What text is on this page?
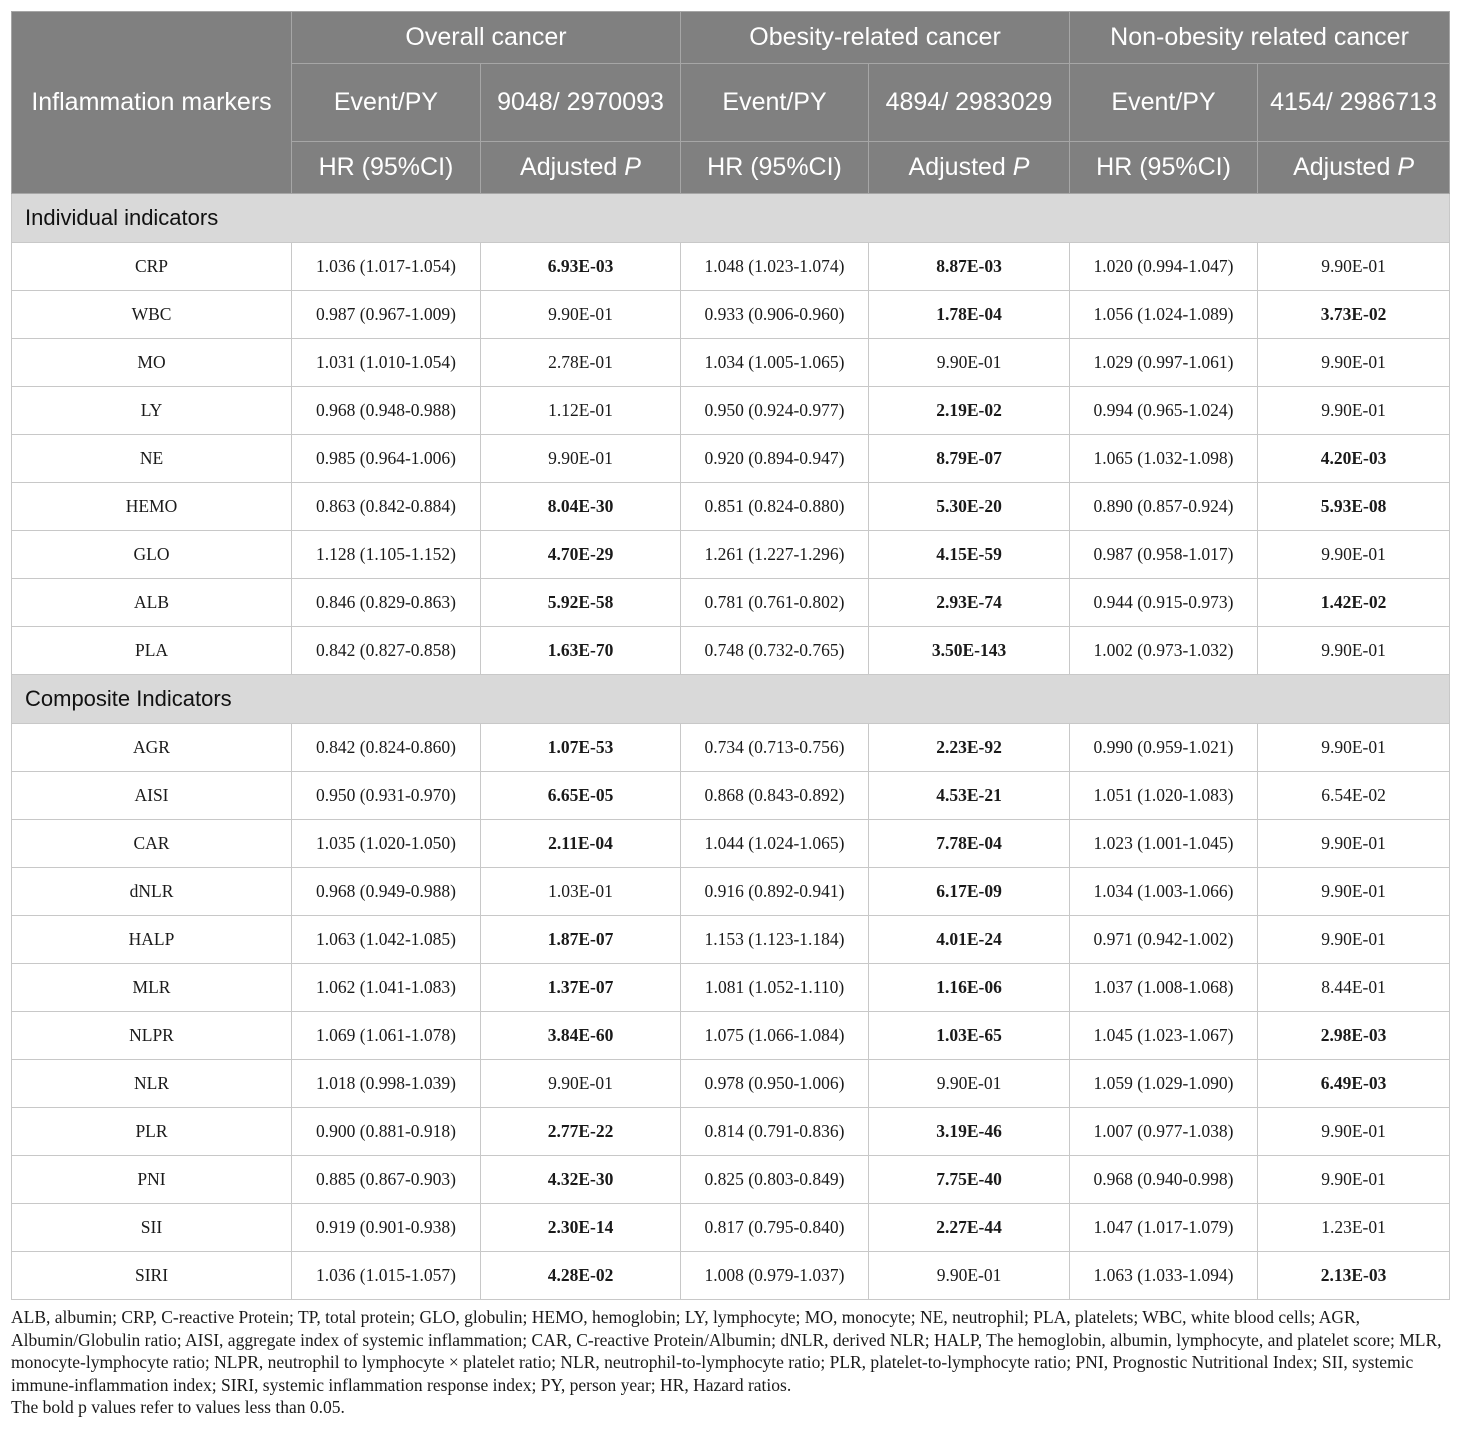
Inflammation markers	Overall cancer		Obesity-related cancer		Non-obesity related cancer	
	Event/PY	9048/ 2970093	Event/PY	4894/ 2983029	Event/PY	4154/ 2986713
	HR (95%CI)	Adjusted P	HR (95%CI)	Adjusted P	HR (95%CI)	Adjusted P
Individual indicators						
CRP	1.036 (1.017-1.054)	6.93E-03	1.048 (1.023-1.074)	8.87E-03	1.020 (0.994-1.047)	9.90E-01
WBC	0.987 (0.967-1.009)	9.90E-01	0.933 (0.906-0.960)	1.78E-04	1.056 (1.024-1.089)	3.73E-02
MO	1.031 (1.010-1.054)	2.78E-01	1.034 (1.005-1.065)	9.90E-01	1.029 (0.997-1.061)	9.90E-01
LY	0.968 (0.948-0.988)	1.12E-01	0.950 (0.924-0.977)	2.19E-02	0.994 (0.965-1.024)	9.90E-01
NE	0.985 (0.964-1.006)	9.90E-01	0.920 (0.894-0.947)	8.79E-07	1.065 (1.032-1.098)	4.20E-03
HEMO	0.863 (0.842-0.884)	8.04E-30	0.851 (0.824-0.880)	5.30E-20	0.890 (0.857-0.924)	5.93E-08
GLO	1.128 (1.105-1.152)	4.70E-29	1.261 (1.227-1.296)	4.15E-59	0.987 (0.958-1.017)	9.90E-01
ALB	0.846 (0.829-0.863)	5.92E-58	0.781 (0.761-0.802)	2.93E-74	0.944 (0.915-0.973)	1.42E-02
PLA	0.842 (0.827-0.858)	1.63E-70	0.748 (0.732-0.765)	3.50E-143	1.002 (0.973-1.032)	9.90E-01
Composite Indicators						
AGR	0.842 (0.824-0.860)	1.07E-53	0.734 (0.713-0.756)	2.23E-92	0.990 (0.959-1.021)	9.90E-01
AISI	0.950 (0.931-0.970)	6.65E-05	0.868 (0.843-0.892)	4.53E-21	1.051 (1.020-1.083)	6.54E-02
CAR	1.035 (1.020-1.050)	2.11E-04	1.044 (1.024-1.065)	7.78E-04	1.023 (1.001-1.045)	9.90E-01
dNLR	0.968 (0.949-0.988)	1.03E-01	0.916 (0.892-0.941)	6.17E-09	1.034 (1.003-1.066)	9.90E-01
HALP	1.063 (1.042-1.085)	1.87E-07	1.153 (1.123-1.184)	4.01E-24	0.971 (0.942-1.002)	9.90E-01
MLR	1.062 (1.041-1.083)	1.37E-07	1.081 (1.052-1.110)	1.16E-06	1.037 (1.008-1.068)	8.44E-01
NLPR	1.069 (1.061-1.078)	3.84E-60	1.075 (1.066-1.084)	1.03E-65	1.045 (1.023-1.067)	2.98E-03
NLR	1.018 (0.998-1.039)	9.90E-01	0.978 (0.950-1.006)	9.90E-01	1.059 (1.029-1.090)	6.49E-03
PLR	0.900 (0.881-0.918)	2.77E-22	0.814 (0.791-0.836)	3.19E-46	1.007 (0.977-1.038)	9.90E-01
PNI	0.885 (0.867-0.903)	4.32E-30	0.825 (0.803-0.849)	7.75E-40	0.968 (0.940-0.998)	9.90E-01
SII	0.919 (0.901-0.938)	2.30E-14	0.817 (0.795-0.840)	2.27E-44	1.047 (1.017-1.079)	1.23E-01
SIRI	1.036 (1.015-1.057)	4.28E-02	1.008 (0.979-1.037)	9.90E-01	1.063 (1.033-1.094)	2.13E-03

ALB, albumin; CRP, C-reactive Protein; TP, total protein; GLO, globulin; HEMO, hemoglobin; LY, lymphocyte; MO, monocyte; NE, neutrophil; PLA, platelets; WBC, white blood cells; AGR, Albumin/Globulin ratio; AISI, aggregate index of systemic inflammation; CAR, C-reactive Protein/Albumin; dNLR, derived NLR; HALP, The hemoglobin, albumin, lymphocyte, and platelet score; MLR, monocyte-lymphocyte ratio; NLPR, neutrophil to lymphocyte × platelet ratio; NLR, neutrophil-to-lymphocyte ratio; PLR, platelet-to-lymphocyte ratio; PNI, Prognostic Nutritional Index; SII, systemic immune-inflammation index; SIRI, systemic inflammation response index; PY, person year; HR, Hazard ratios.

The bold p values refer to values less than 0.05.
